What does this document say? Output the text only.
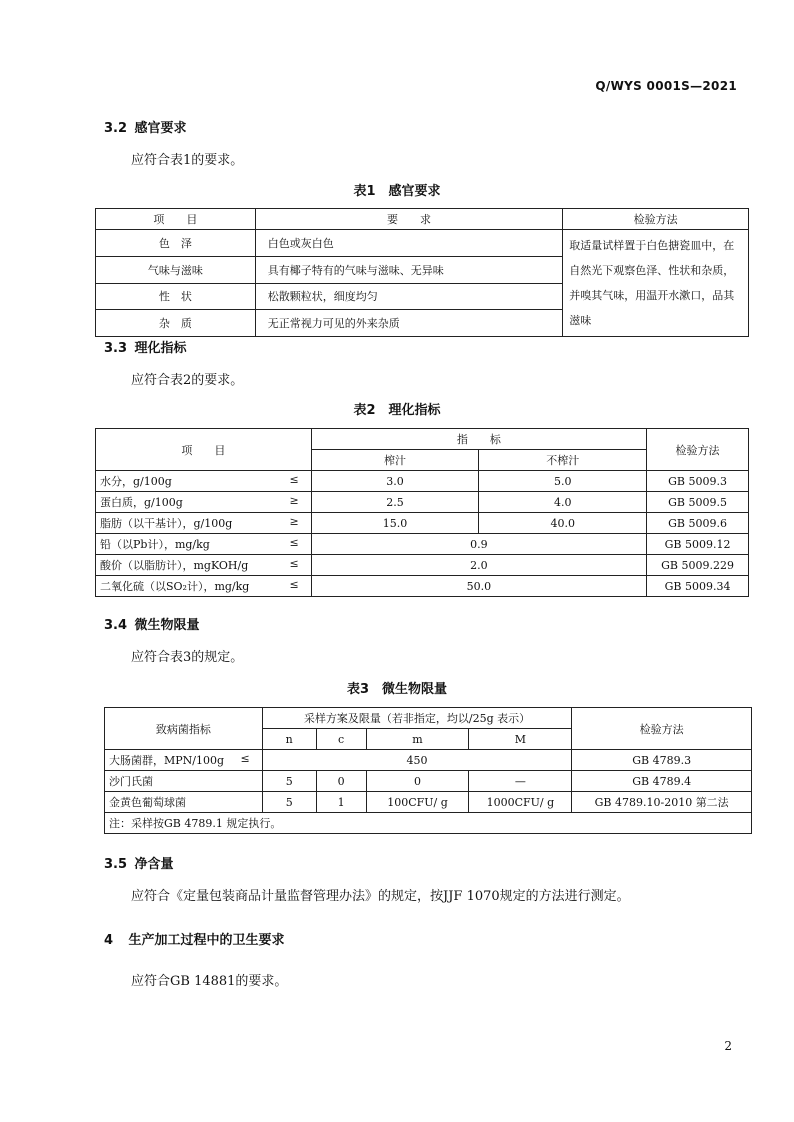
Q/WYS 0001S—2021
3.2 感官要求
应符合表1的要求。
表1　感官要求
项　　目	要　　求	检验方法
色　泽	白色或灰白色	取适量试样置于白色搪瓷皿中，在自然光下观察色泽、性状和杂质，并嗅其气味，用温开水漱口，品其滋味
气味与滋味	具有椰子特有的气味与滋味、无异味	
性　状	松散颗粒状，细度均匀	
杂　质	无正常视力可见的外来杂质	
3.3 理化指标
应符合表2的要求。
表2　理化指标
项　　目	指　　标		检验方法
	榨汁	不榨汁	
水分，g/100g ≤	3.0	5.0	GB 5009.3
蛋白质，g/100g ≥	2.5	4.0	GB 5009.5
脂肪（以干基计），g/100g ≥	15.0	40.0	GB 5009.6
铅（以Pb计），mg/kg ≤	0.9		GB 5009.12
酸价（以脂肪计），mgKOH/g ≤	2.0		GB 5009.229
二氧化硫（以SO₂计），mg/kg ≤	50.0		GB 5009.34
3.4 微生物限量
应符合表3的规定。
表3　微生物限量
致病菌指标	采样方案及限量（若非指定，均以/25g 表示）				检验方法
	n	c	m	M	
大肠菌群，MPN/100g ≤	450				GB 4789.3
沙门氏菌	5	0	0	—	GB 4789.4
金黄色葡萄球菌	5	1	100CFU/ g	1000CFU/ g	GB 4789.10-2010 第二法
注：采样按GB 4789.1 规定执行。					
3.5 净含量
应符合《定量包装商品计量监督管理办法》的规定，按JJF 1070规定的方法进行测定。
4 生产加工过程中的卫生要求
应符合GB 14881的要求。
2
